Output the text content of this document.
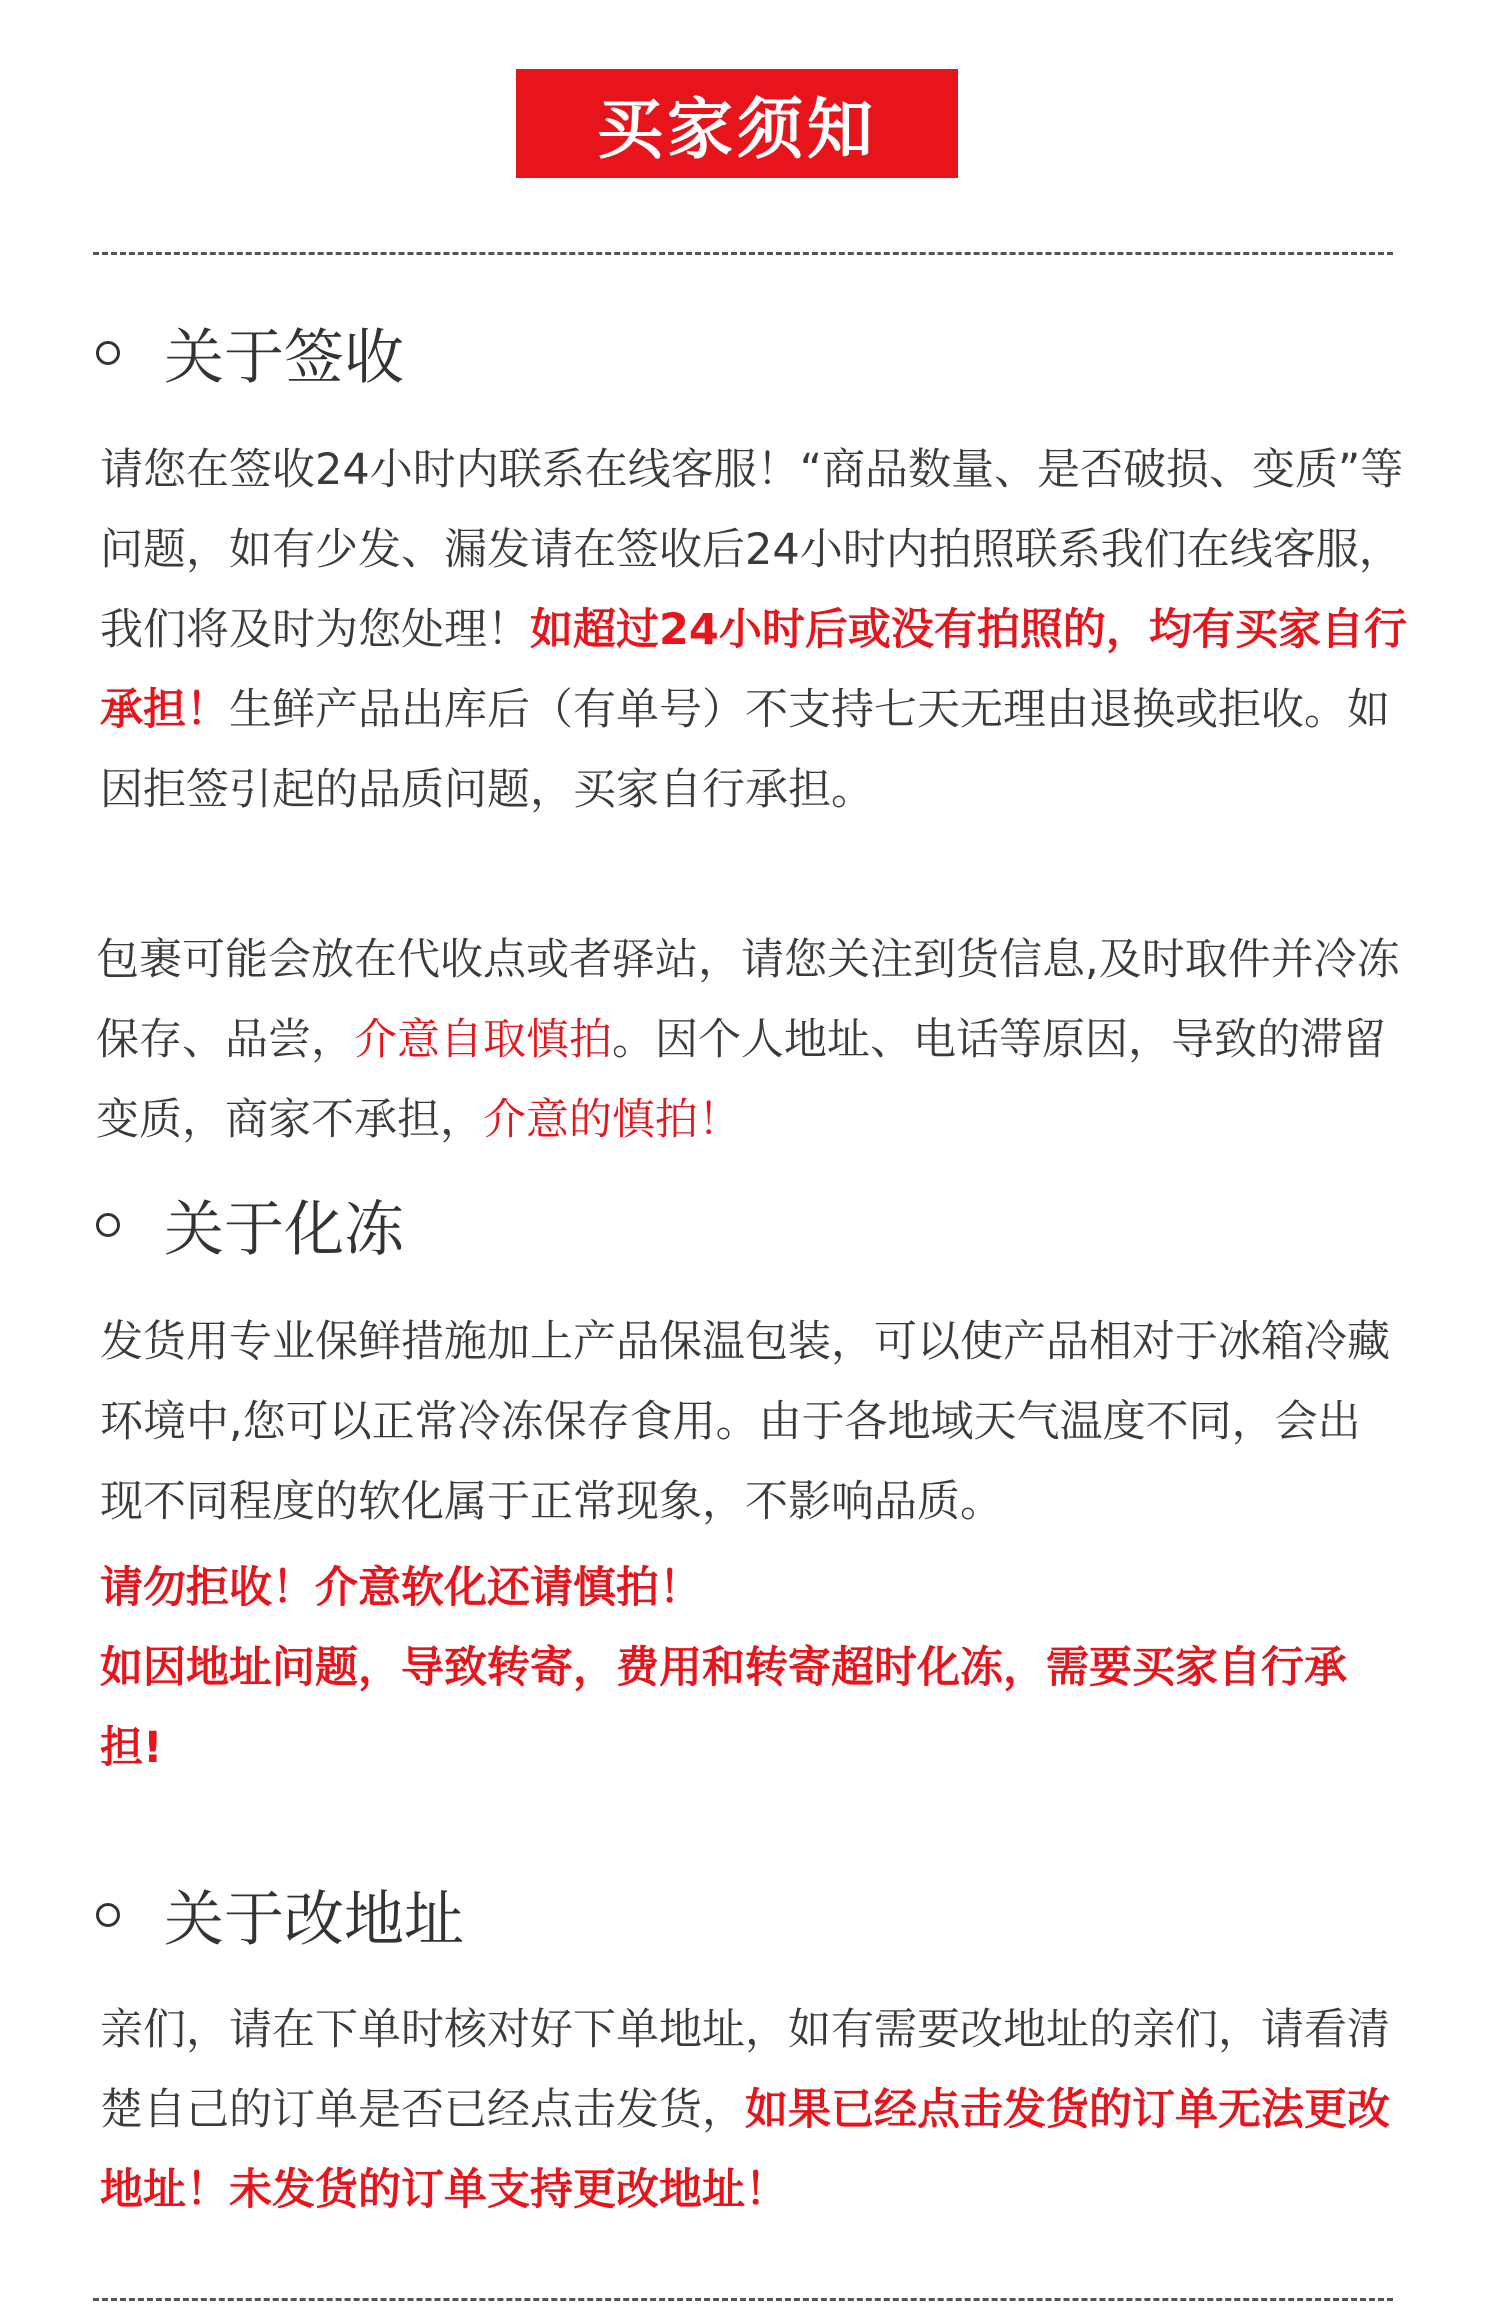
买家须知
关于签收
请您在签收24小时内联系在线客服！“商品数量、是否破损、变质”等问题，如有少发、漏发请在签收后24小时内拍照联系我们在线客服，我们将及时为您处理！如超过24小时后或没有拍照的，均有买家自行承担！生鲜产品出库后（有单号）不支持七天无理由退换或拒收。如因拒签引起的品质问题，买家自行承担。
包裹可能会放在代收点或者驿站，请您关注到货信息,及时取件并冷冻保存、品尝，介意自取慎拍。因个人地址、电话等原因，导致的滞留变质，商家不承担，介意的慎拍！
关于化冻
发货用专业保鲜措施加上产品保温包装，可以使产品相对于冰箱冷藏环境中,您可以正常冷冻保存食用。由于各地域天气温度不同，会出现不同程度的软化属于正常现象，不影响品质。
请勿拒收！介意软化还请慎拍！
如因地址问题，导致转寄，费用和转寄超时化冻，需要买家自行承担!
关于改地址
亲们，请在下单时核对好下单地址，如有需要改地址的亲们，请看清楚自己的订单是否已经点击发货，如果已经点击发货的订单无法更改地址！未发货的订单支持更改地址！
